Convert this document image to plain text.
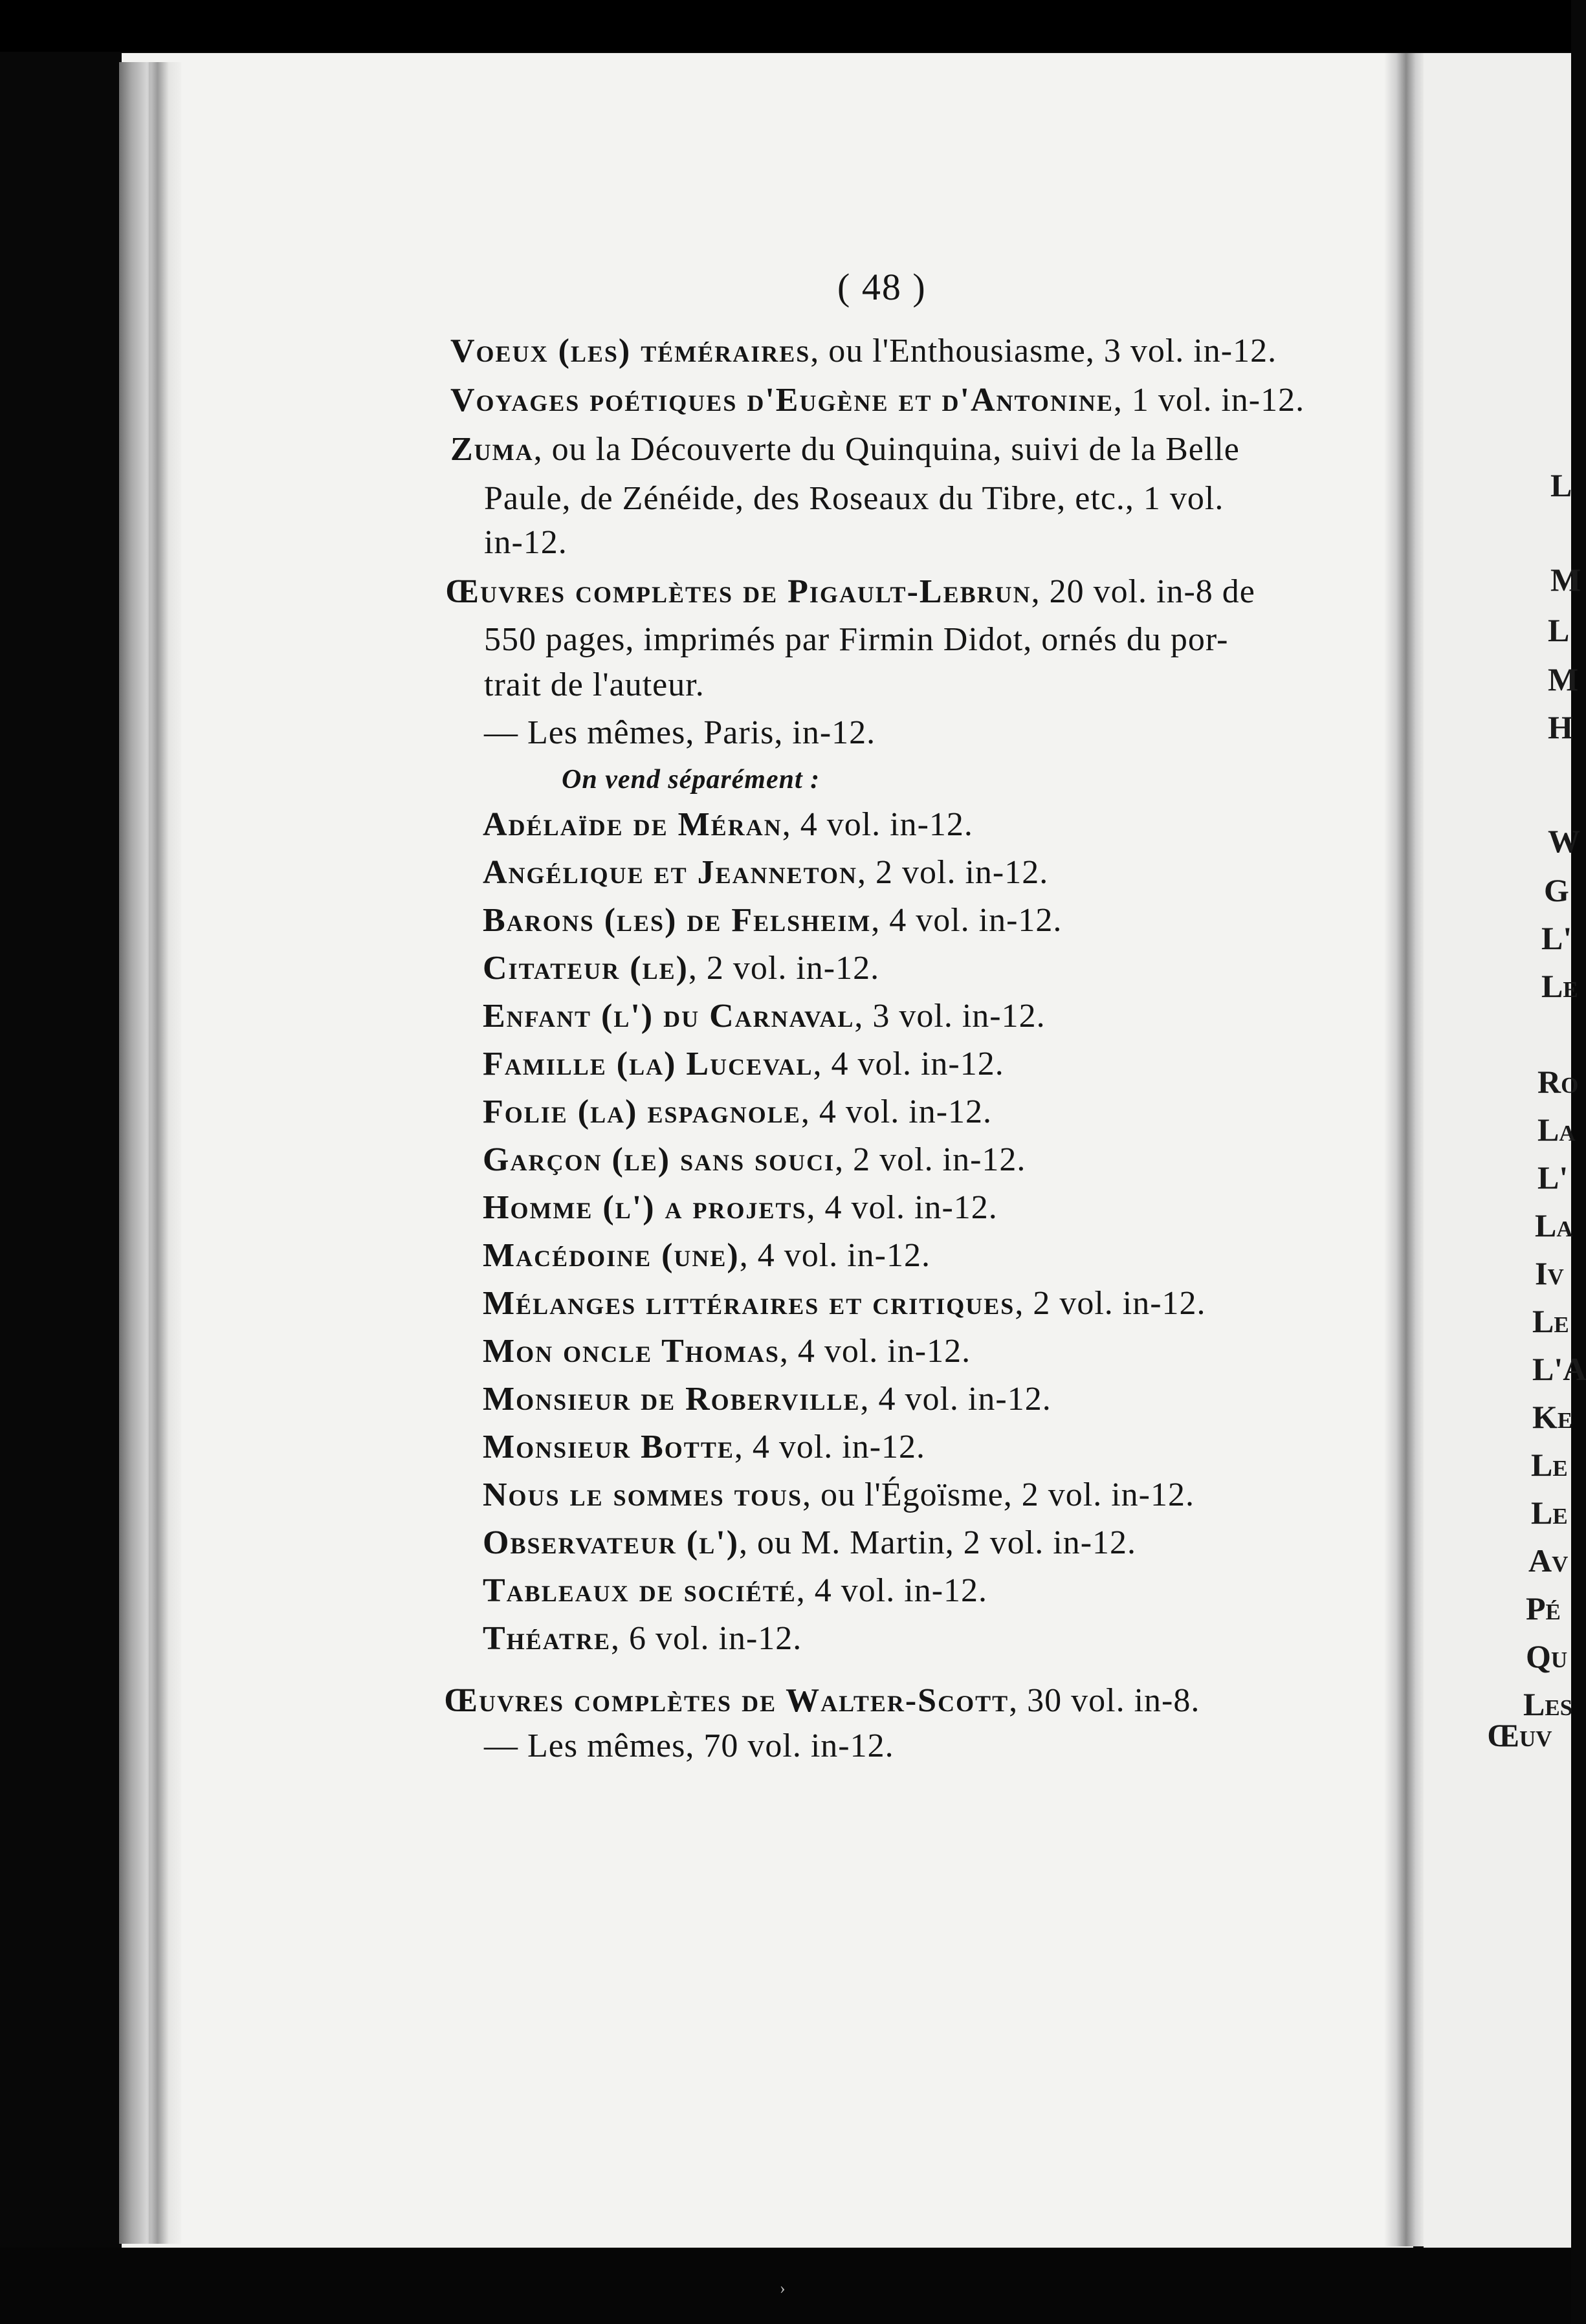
›
( 48 )
Voeux (les) téméraires, ou l'Enthousiasme, 3 vol. in-12.
Voyages poétiques d'Eugène et d'Antonine, 1 vol. in-12.
Zuma, ou la Découverte du Quinquina, suivi de la Belle
Paule, de Zénéide, des Roseaux du Tibre, etc., 1 vol.
in-12.
Œuvres complètes de Pigault-Lebrun, 20 vol. in-8 de
550 pages, imprimés par Firmin Didot, ornés du por-
trait de l'auteur.
— Les mêmes, Paris, in-12.
On vend séparément :
Adélaïde de Méran, 4 vol. in-12.
Angélique et Jeanneton, 2 vol. in-12.
Barons (les) de Felsheim, 4 vol. in-12.
Citateur (le), 2 vol. in-12.
Enfant (l') du Carnaval, 3 vol. in-12.
Famille (la) Luceval, 4 vol. in-12.
Folie (la) espagnole, 4 vol. in-12.
Garçon (le) sans souci, 2 vol. in-12.
Homme (l') a projets, 4 vol. in-12.
Macédoine (une), 4 vol. in-12.
Mélanges littéraires et critiques, 2 vol. in-12.
Mon oncle Thomas, 4 vol. in-12.
Monsieur de Roberville, 4 vol. in-12.
Monsieur Botte, 4 vol. in-12.
Nous le sommes tous, ou l'Égoïsme, 2 vol. in-12.
Observateur (l'), ou M. Martin, 2 vol. in-12.
Tableaux de société, 4 vol. in-12.
Théatre, 6 vol. in-12.
Œuvres complètes de Walter-Scott, 30 vol. in-8.
— Les mêmes, 70 vol. in-12.
L
M
L
M
H
W
G
L'
Le
Ro
La
L'
La
Iv
Le
L'A
Ke
Le
Le
Av
Pé
Qu
Les
Œuv
